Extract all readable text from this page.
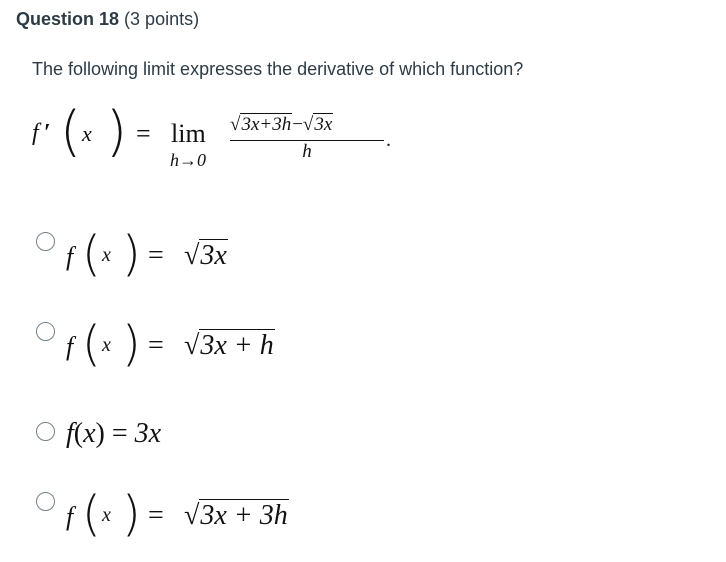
Question 18 (3 points)
The following limit expresses the derivative of which function?
f ′ ( x ) = lim
h→0
√3x+3h−√3x
h
.
f ( x ) = √3x
f ( x ) = √3x + h
f(x) = 3x
f ( x ) = √3x + 3h
